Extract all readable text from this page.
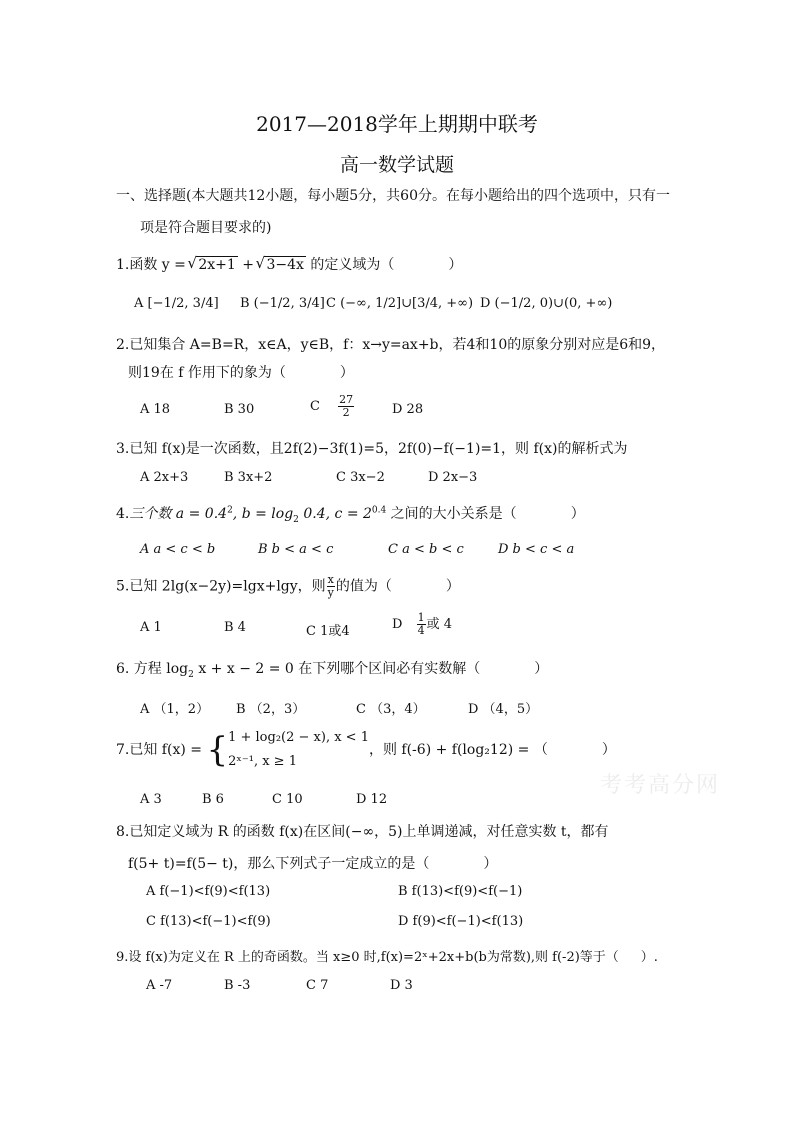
2017—2018学年上期期中联考
高一数学试题
一、选择题(本大题共12小题，每小题5分，共60分。在每小题给出的四个选项中，只有一
项是符合题目要求的)
1.函数 y = √ 2x+1 + √ 3−4x 的定义域为（	）
A [−1/2, 3/4] B (−1/2, 3/4] C (−∞, 1/2]∪[3/4, +∞) D (−1/2, 0)∪(0, +∞)
2.已知集合 A=B=R，x∈A，y∈B，f：x→y=ax+b，若4和10的原象分别对应是6和9，
则19在 f 作用下的象为（	）
A 18	B 30	C $\frac{27}{2}$	D 28
3.已知 f(x)是一次函数，且2f(2)−3f(1)=5，2f(0)−f(−1)=1，则 f(x)的解析式为
A 2x+3	B 3x+2	C 3x−2	D 2x−3
4.三个数 $a = 0.4^2$, $b = \log_2 0.4$, $c = 2^{0.4}$ 之间的大小关系是（	）
A a < c < b	B b < a < c	C a < b < c	D b < c < a
5.已知 2lg(x−2y)=lgx+lgy，则 $\frac{x}{y}$ 的值为（	）
A 1	B 4	C 1或4	D $\frac{1}{4}$ 或 4
6. 方程 $\log_2 x + x - 2 = 0$ 在下列哪个区间必有实数解（	）
A （1，2） B （2，3）	C （3，4）	D （4，5）
7.已知 f(x) = { 1 + log₂(2 − x), x < 1
2ˣ⁻¹, x ≥ 1
，则 f(-6) + f(log₂12) = （	）
A 3	B 6	C 10	D 12
8.已知定义域为 R 的函数 f(x)在区间(−∞，5)上单调递减，对任意实数 t，都有
f(5+ t)=f(5− t)，那么下列式子一定成立的是（	）
A f(−1)<f(9)<f(13)	B f(13)<f(9)<f(−1)
C f(13)<f(−1)<f(9)	D f(9)<f(−1)<f(13)
9.设 f(x)为定义在 R 上的奇函数。当 x≥0 时,f(x)=2ˣ+2x+b(b为常数),则 f(-2)等于（ ）.
A -7	B -3	C 7	D 3
考考高分网
